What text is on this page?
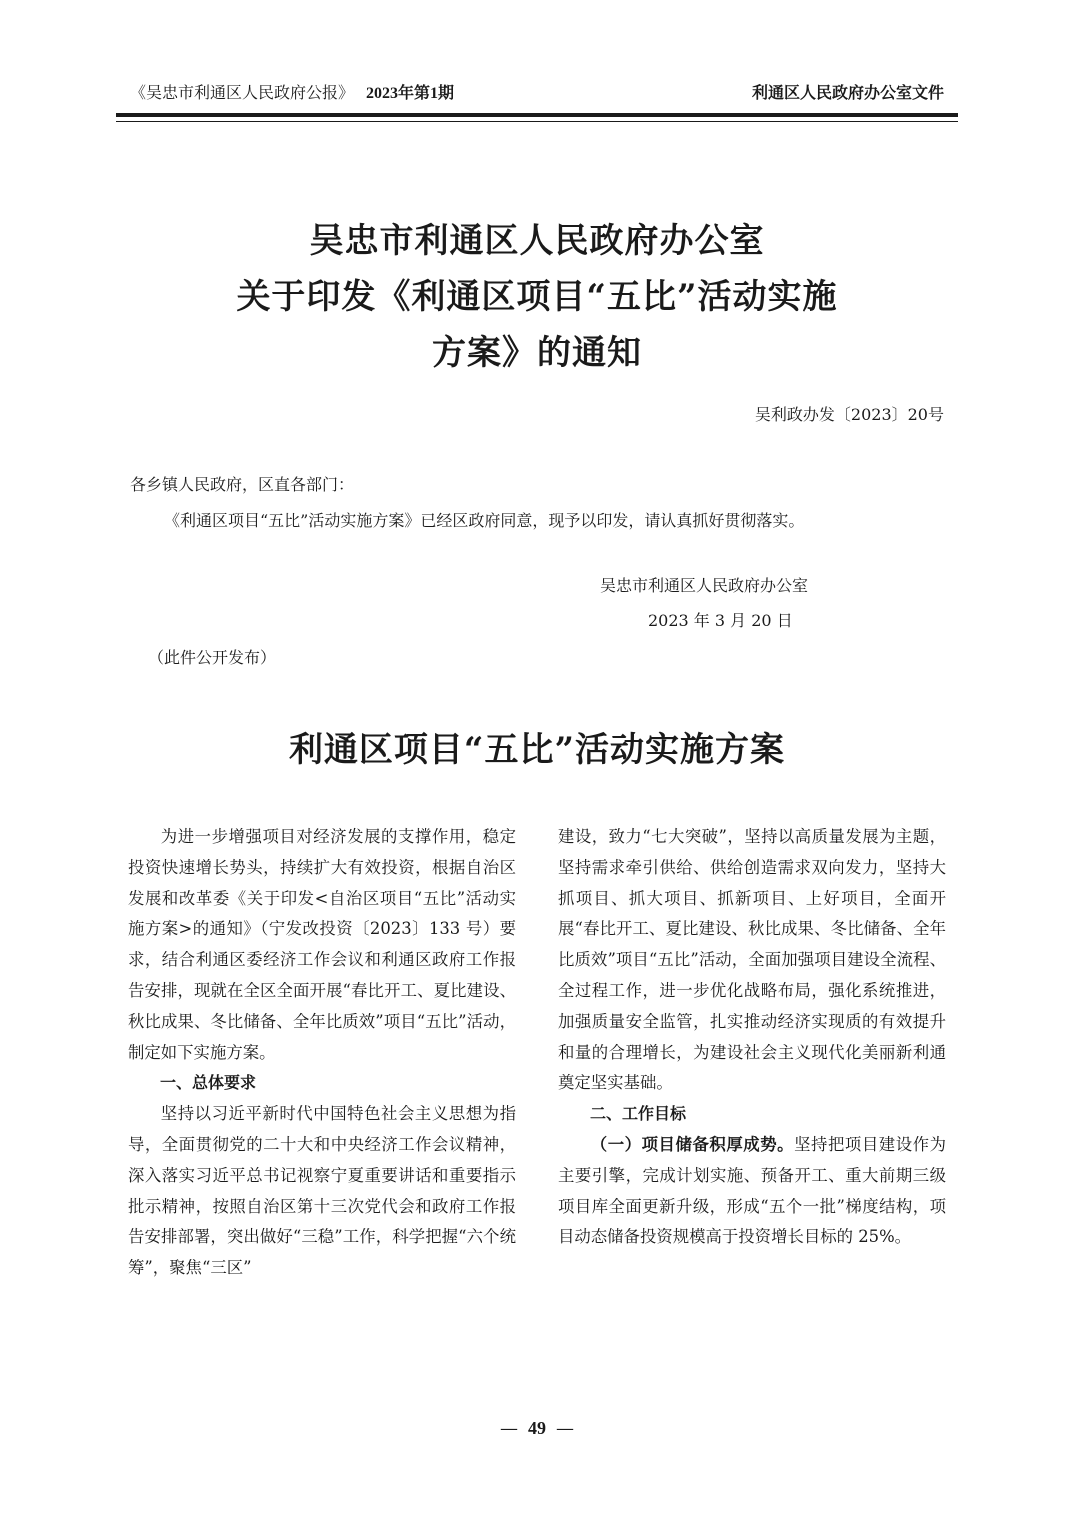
《吴忠市利通区人民政府公报》 2023年第1期	利通区人民政府办公室文件
吴忠市利通区人民政府办公室
关于印发《利通区项目“五比”活动实施
方案》的通知
吴利政办发〔2023〕20号
各乡镇人民政府，区直各部门：
《利通区项目“五比”活动实施方案》已经区政府同意，现予以印发，请认真抓好贯彻落实。
吴忠市利通区人民政府办公室
2023 年 3 月 20 日
（此件公开发布）
利通区项目“五比”活动实施方案

为进一步增强项目对经济发展的支撑作用，稳定投资快速增长势头，持续扩大有效投资，根据自治区发展和改革委《关于印发<自治区项目“五比”活动实施方案>的通知》（宁发改投资〔2023〕133 号）要求，结合利通区委经济工作会议和利通区政府工作报告安排，现就在全区全面开展“春比开工、夏比建设、秋比成果、冬比储备、全年比质效”项目“五比”活动，制定如下实施方案。

一、总体要求

坚持以习近平新时代中国特色社会主义思想为指导，全面贯彻党的二十大和中央经济工作会议精神，深入落实习近平总书记视察宁夏重要讲话和重要指示批示精神，按照自治区第十三次党代会和政府工作报告安排部署，突出做好“三稳”工作，科学把握“六个统筹”，聚焦“三区”

建设，致力“七大突破”，坚持以高质量发展为主题，坚持需求牵引供给、供给创造需求双向发力，坚持大抓项目、抓大项目、抓新项目、上好项目，全面开展“春比开工、夏比建设、秋比成果、冬比储备、全年比质效”项目“五比”活动，全面加强项目建设全流程、全过程工作，进一步优化战略布局，强化系统推进，加强质量安全监管，扎实推动经济实现质的有效提升和量的合理增长，为建设社会主义现代化美丽新利通奠定坚实基础。

二、工作目标

（一）项目储备积厚成势。坚持把项目建设作为主要引擎，完成计划实施、预备开工、重大前期三级项目库全面更新升级，形成“五个一批”梯度结构，项目动态储备投资规模高于投资增长目标的 25%。

— 49 —
